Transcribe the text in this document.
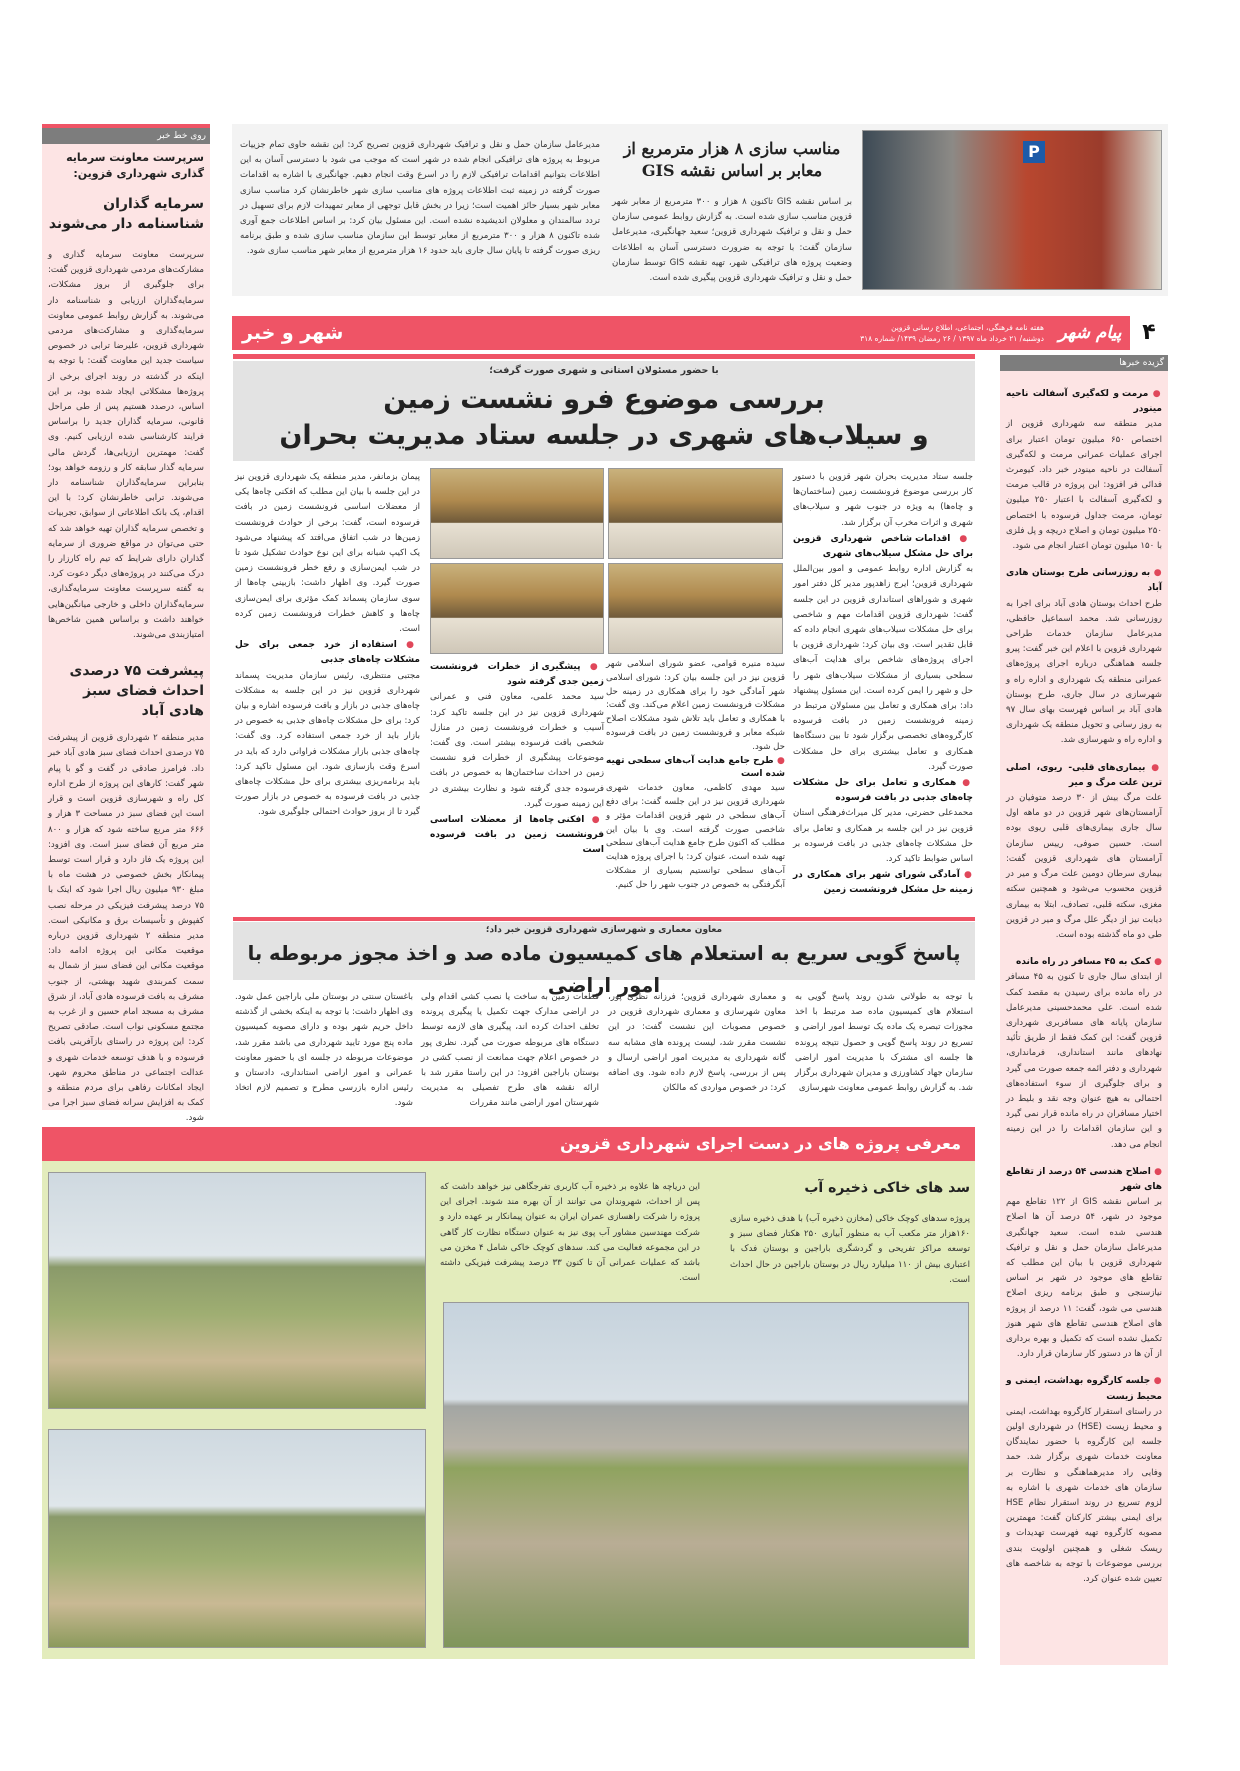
P
مناسب سازی ۸ هزار مترمربع از معابر بر اساس نقشه GIS
بر اساس نقشه GIS تاکنون ۸ هزار و ۳۰۰ مترمربع از معابر شهر قزوین مناسب سازی شده است. به گزارش روابط عمومی سازمان حمل و نقل و ترافیک شهرداری قزوین؛ سعید جهانگیری، مدیرعامل سازمان گفت: با توجه به ضرورت دسترسی آسان به اطلاعات وضعیت پروژه های ترافیکی شهر، تهیه نقشه GIS توسط سازمان حمل و نقل و ترافیک شهرداری قزوین پیگیری شده است.
مدیرعامل سازمان حمل و نقل و ترافیک شهرداری قزوین تصریح کرد: این نقشه حاوی تمام جزییات مربوط به پروژه های ترافیکی انجام شده در شهر است که موجب می شود با دسترسی آسان به این اطلاعات بتوانیم اقدامات ترافیکی لازم را در اسرع وقت انجام دهیم. جهانگیری با اشاره به اقدامات صورت گرفته در زمینه ثبت اطلاعات پروژه های مناسب سازی شهر خاطرنشان کرد مناسب سازی معابر شهر بسیار حائز اهمیت است؛ زیرا در بخش قابل توجهی از معابر تمهیدات لازم برای تسهیل در تردد سالمندان و معلولان اندیشیده نشده است. این مسئول بیان کرد: بر اساس اطلاعات جمع آوری شده تاکنون ۸ هزار و ۳۰۰ مترمربع از معابر توسط این سازمان مناسب سازی شده و طبق برنامه ریزی صورت گرفته تا پایان سال جاری باید حدود ۱۶ هزار مترمربع از معابر شهر مناسب سازی شود.
روی خط خبر
سرپرست معاونت سرمایه گذاری شهرداری قزوین:
سرمایه گذاران شناسنامه دار می‌شوند
سرپرست معاونت سرمایه گذاری و مشارکت‌های مردمی شهرداری قزوین گفت: برای جلوگیری از بروز مشکلات، سرمایه‌گذاران ارزیابی و شناسنامه دار می‌شوند. به گزارش روابط عمومی معاونت سرمایه‌گذاری و مشارکت‌های مردمی شهرداری قزوین، علیرضا ترابی در خصوص سیاست جدید این معاونت گفت: با توجه به اینکه در گذشته در روند اجرای برخی از پروژه‌ها مشکلاتی ایجاد شده بود، بر این اساس، درصدد هستیم پس از طی مراحل قانونی، سرمایه گذاران جدید را براساس فرایند کارشناسی شده ارزیابی کنیم. وی گفت: مهمترین ارزیابی‌ها، گردش مالی سرمایه گذار سابقه کار و رزومه خواهد بود؛ بنابراین سرمایه‌گذاران شناسنامه دار می‌شوند. ترابی خاطرنشان کرد: با این اقدام، یک بانک اطلاعاتی از سوابق، تجربیات و تخصص سرمایه گذاران تهیه خواهد شد که حتی می‌توان در مواقع ضروری از سرمایه گذاران دارای شرایط که تیم راه کارزار را درک می‌کنند در پروژه‌های دیگر دعوت کرد. به گفته سرپرست معاونت سرمایه‌گذاری، سرمایه‌گذاران داخلی و خارجی میانگین‌هایی خواهند داشت و براساس همین شاخص‌ها امتیازبندی می‌شوند.
پیشرفت ۷۵ درصدی احداث فضای سبز هادی آباد
مدیر منطقه ۲ شهرداری قزوین از پیشرفت ۷۵ درصدی احداث فضای سبز هادی آباد خبر داد. فرامرز صادقی در گفت و گو با پیام شهر گفت: کارهای این پروژه از طرح اداره کل راه و شهرسازی قزوین است و قرار است این فضای سبز در مساحت ۳ هزار و ۶۶۶ متر مربع ساخته شود که هزار و ۸۰۰ متر مربع آن فضای سبز است. وی افزود: این پروژه یک فاز دارد و قرار است توسط پیمانکار بخش خصوصی در هشت ماه با مبلغ ۹۳۰ میلیون ریال اجرا شود که اینک با ۷۵ درصد پیشرفت فیزیکی در مرحله نصب کفپوش و تأسیسات برق و مکانیکی است. مدیر منطقه ۲ شهرداری قزوین درباره موقعیت مکانی این پروژه ادامه داد: موقعیت مکانی این فضای سبز از شمال به سمت کمربندی شهید بهشتی، از جنوب مشرف به بافت فرسوده هادی آباد، از شرق مشرف به مسجد امام حسین و از غرب به مجتمع مسکونی نواب است. صادقی تصریح کرد: این پروژه در راستای بازآفرینی بافت فرسوده و با هدف توسعه خدمات شهری و عدالت اجتماعی در مناطق محروم شهر، ایجاد امکانات رفاهی برای مردم منطقه و کمک به افزایش سرانه فضای سبز اجرا می شود.
۴
پیام شهر
هفته نامه فرهنگی، اجتماعی، اطلاع رسانی قزوین
دوشنبه/ ۲۱ خرداد ماه ۱۳۹۷ / ۲۶ رمضان ۱۴۳۹/ شماره ۳۱۸
شهر و خبر
با حضور مسئولان استانی و شهری صورت گرفت؛
بررسی موضوع فرو نشست زمین
و سیلاب‌های شهری در جلسه ستاد مدیریت بحران

جلسه ستاد مدیریت بحران شهر قزوین با دستور کار بررسی موضوع فرونشست زمین (ساختمان‌ها و چاه‌ها) به ویژه در جنوب شهر و سیلاب‌های شهری و اثرات مخرب آن برگزار شد.

● اقدامات شاخص شهرداری قزوین برای حل مشکل سیلاب‌های شهری

به گزارش اداره روابط عمومی و امور بین‌الملل شهرداری قزوین؛ ایرج زاهدپور مدیر کل دفتر امور شهری و شوراهای استانداری قزوین در این جلسه گفت: شهرداری قزوین اقدامات مهم و شاخصی برای حل مشکلات سیلاب‌های شهری انجام داده که قابل تقدیر است. وی بیان کرد: شهرداری قزوین با اجرای پروژه‌های شاخص برای هدایت آب‌های سطحی بسیاری از مشکلات سیلاب‌های شهر را حل و شهر را ایمن کرده است. این مسئول پیشنهاد داد: برای همکاری و تعامل بین مسئولان مرتبط در زمینه فرونشست زمین در بافت فرسوده کارگروه‌های تخصصی برگزار شود تا بین دستگاه‌ها همکاری و تعامل بیشتری برای حل مشکلات صورت گیرد.

● همکاری و تعامل برای حل مشکلات چاه‌های جذبی در بافت فرسوده

محمدعلی حضرتی، مدیر کل میراث‌فرهنگی استان قزوین نیز در این جلسه بر همکاری و تعامل برای حل مشکلات چاه‌های جذبی در بافت فرسوده بر اساس ضوابط تاکید کرد.

● آمادگی شورای شهر برای همکاری در زمینه حل مشکل فرونشست زمین

سیده منیره قوامی، عضو شورای اسلامی شهر قزوین نیز در این جلسه بیان کرد: شورای اسلامی شهر آمادگی خود را برای همکاری در زمینه حل مشکلات فرونشست زمین اعلام می‌کند. وی گفت: با همکاری و تعامل باید تلاش شود مشکلات اصلاح شبکه معابر و فرونشست زمین در بافت فرسوده حل شود.

● طرح جامع هدایت آب‌های سطحی تهیه شده است

سید مهدی کاظمی، معاون خدمات شهری شهرداری قزوین نیز در این جلسه گفت: برای دفع آب‌های سطحی در شهر قزوین اقدامات مؤثر و شاخصی صورت گرفته است. وی با بیان این مطلب که اکنون طرح جامع هدایت آب‌های سطحی تهیه شده است، عنوان کرد: با اجرای پروژه هدایت آب‌های سطحی توانستیم بسیاری از مشکلات آبگرفتگی به خصوص در جنوب شهر را حل کنیم.

● پیشگیری از خطرات فرونشست زمین جدی گرفته شود

سید محمد علمی، معاون فنی و عمرانی شهرداری قزوین نیز در این جلسه تاکید کرد: آسیب و خطرات فرونشست زمین در منازل شخصی بافت فرسوده بیشتر است. وی گفت: موضوعات پیشگیری از خطرات فرو نشست زمین در احداث ساختمان‌ها به خصوص در بافت فرسوده جدی گرفته شود و نظارت بیشتری در این زمینه صورت گیرد.

● افکنی چاه‌ها از معضلات اساسی فرونشست زمین در بافت فرسوده است

پیمان بزمانفر، مدیر منطقه یک شهرداری قزوین نیز در این جلسه با بیان این مطلب که افکنی چاه‌ها یکی از معضلات اساسی فرونشست زمین در بافت فرسوده است، گفت: برخی از حوادث فرونشست زمین‌ها در شب اتفاق می‌افتد که پیشنهاد می‌شود یک اکیپ شبانه برای این نوع حوادث تشکیل شود تا در شب ایمن‌سازی و رفع خطر فرونشست زمین صورت گیرد. وی اظهار داشت: بازبینی چاه‌ها از سوی سازمان پسماند کمک مؤثری برای ایمن‌سازی چاه‌ها و کاهش خطرات فرونشست زمین کرده است.

● استفاده از خرد جمعی برای حل مشکلات چاه‌های جذبی

مجتبی منتظری، رئیس سازمان مدیریت پسماند شهرداری قزوین نیز در این جلسه به مشکلات چاه‌های جذبی در بازار و بافت فرسوده اشاره و بیان کرد: برای حل مشکلات چاه‌های جذبی به خصوص در بازار باید از خرد جمعی استفاده کرد. وی گفت: چاه‌های جذبی بازار مشکلات فراوانی دارد که باید در اسرع وقت بازسازی شود. این مسئول تاکید کرد: باید برنامه‌ریزی بیشتری برای حل مشکلات چاه‌های جذبی در بافت فرسوده به خصوص در بازار صورت گیرد تا از بروز حوادث احتمالی جلوگیری شود.

معاون معماری و شهرسازی شهرداری قزوین خبر داد؛
پاسخ گویی سریع به استعلام های کمیسیون ماده صد و اخذ مجوز مربوطه با امور اراضی	با توجه به طولانی شدن روند پاسخ گویی به استعلام های کمیسیون ماده صد مرتبط با اخذ مجوزات تبصره یک ماده یک توسط امور اراضی و تسریع در روند پاسخ گویی و حصول نتیجه پرونده ها جلسه ای مشترک با مدیریت امور اراضی سازمان جهاد کشاورزی و مدیران شهرداری برگزار شد. به گزارش روابط عمومی معاونت شهرسازی
و معماری شهرداری قزوین؛ فرزانه نظری پور، معاون شهرسازی و معماری شهرداری قزوین در خصوص مصوبات این نشست گفت: در این نشست مقرر شد، لیست پرونده های مشابه سه گانه شهرداری به مدیریت امور اراضی ارسال و پس از بررسی، پاسخ لازم داده شود. وی اضافه کرد: در خصوص مواردی که مالکان
قطعات زمین به ساخت یا نصب کشی اقدام ولی در اراضی مدارک جهت تکمیل یا پیگیری پرونده تخلف احداث کرده اند، پیگیری های لازمه توسط دستگاه های مربوطه صورت می گیرد. نظری پور در خصوص اعلام جهت ممانعت از نصب کشی در بوستان باراجین افزود: در این راستا مقرر شد با ارائه نقشه های طرح تفصیلی به مدیریت شهرستان امور اراضی مانند مقررات
باغستان سنتی در بوستان ملی باراجین عمل شود. وی اظهار داشت: با توجه به اینکه بخشی از گذشته داخل حریم شهر بوده و دارای مصوبه کمیسیون ماده پنج مورد تایید شهرداری می باشد مقرر شد، موضوعات مربوطه در جلسه ای با حضور معاونت عمرانی و امور اراضی استانداری، دادستان و رئیس اداره بازرسی مطرح و تصمیم لازم اتخاذ شود.
معرفی پروژه های در دست اجرای شهرداری قزوین
سد های خاکی ذخیره آب
پروژه سدهای کوچک خاکی (مخازن ذخیره آب) با هدف ذخیره سازی ۱۶۰هزار متر مکعب آب به منظور آبیاری ۲۵۰ هکتار فضای سبز و توسعه مراکز تفریحی و گردشگری باراجین و بوستان فدک با اعتباری بیش از ۱۱۰ میلیارد ریال در بوستان باراجین در حال احداث است.
این دریاچه ها علاوه بر ذخیره آب کاربری تفرجگاهی نیز خواهد داشت که پس از احداث، شهروندان می توانند از آن بهره مند شوند. اجرای این پروژه را شرکت راهسازی عمران ایران به عنوان پیمانکار بر عهده دارد و شرکت مهندسین مشاور آب پوی نیز به عنوان دستگاه نظارت کار گاهی در این مجموعه فعالیت می کند. سدهای کوچک خاکی شامل ۴ مخزن می باشد که عملیات عمرانی آن تا کنون ۳۳ درصد پیشرفت فیزیکی داشته است.
گزیده خبرها
● مرمت و لکه‌گیری آسفالت ناحیه مینودر

مدیر منطقه سه شهرداری قزوین از اختصاص ۶۵۰ میلیون تومان اعتبار برای اجرای عملیات عمرانی مرمت و لکه‌گیری آسفالت در ناحیه مینودر خبر داد. کیومرث فدائی فر افزود: این پروژه در قالب مرمت و لکه‌گیری آسفالت با اعتبار ۲۵۰ میلیون تومان، مرمت جداول فرسوده با اختصاص ۲۵۰ میلیون تومان و اصلاح دریچه و پل فلزی با ۱۵۰ میلیون تومان اعتبار انجام می شود.

● به روزرسانی طرح بوستان هادی آباد

طرح احداث بوستان هادی آباد برای اجرا به روزرسانی شد. محمد اسماعیل حافظی، مدیرعامل سازمان خدمات طراحی شهرداری قزوین با اعلام این خبر گفت: پیرو جلسه هماهنگی درباره اجرای پروژه‌های عمرانی منطقه یک شهرداری و اداره راه و شهرسازی در سال جاری، طرح بوستان هادی آباد بر اساس فهرست بهای سال ۹۷ به روز رسانی و تحویل منطقه یک شهرداری و اداره راه و شهرسازی شد.

● بیماری‌های قلبی- ریوی، اصلی ترین علت مرگ و میر

علت مرگ بیش از ۳۰ درصد متوفیان در آرامستان‌های شهر قزوین در دو ماهه اول سال جاری بیماری‌های قلبی ریوی بوده است. حسین صوفی، رییس سازمان آرامستان های شهرداری قزوین گفت: بیماری سرطان دومین علت مرگ و میر در قزوین محسوب می‌شود و همچنین سکته مغزی، سکته قلبی، تصادف، ابتلا به بیماری دیابت نیز از دیگر علل مرگ و میر در قزوین طی دو ماه گذشته بوده است.

● کمک به ۴۵ مسافر در راه مانده

از ابتدای سال جاری تا کنون به ۴۵ مسافر در راه مانده برای رسیدن به مقصد کمک شده است. علی محمدحسینی مدیرعامل سازمان پایانه های مسافربری شهرداری قزوین گفت: این کمک فقط از طریق تأئید نهادهای مانند استانداری، فرمانداری، شهرداری و دفتر ائمه جمعه صورت می گیرد و برای جلوگیری از سوء استفاده‌های احتمالی به هیچ عنوان وجه نقد و بلیط در اختیار مسافران در راه مانده قرار نمی گیرد و این سازمان اقدامات را در این زمینه انجام می دهد.

● اصلاح هندسی ۵۴ درصد از تقاطع های شهر

بر اساس نقشه GIS از ۱۲۲ تقاطع مهم موجود در شهر، ۵۴ درصد آن ها اصلاح هندسی شده است. سعید جهانگیری مدیرعامل سازمان حمل و نقل و ترافیک شهرداری قزوین با بیان این مطلب که تقاطع های موجود در شهر بر اساس نیازسنجی و طبق برنامه ریزی اصلاح هندسی می شود، گفت: ۱۱ درصد از پروژه های اصلاح هندسی تقاطع های شهر هنوز تکمیل نشده است که تکمیل و بهره برداری از آن ها در دستور کار سازمان قرار دارد.

● جلسه کارگروه بهداشت، ایمنی و محیط زیست

در راستای استقرار کارگروه بهداشت، ایمنی و محیط زیست (HSE) در شهرداری اولین جلسه این کارگروه با حضور نمایندگان معاونت خدمات شهری برگزار شد. حمد وفایی راد مدیرهماهنگی و نظارت بر سازمان های خدمات شهری با اشاره به لزوم تسریع در روند استقرار نظام HSE برای ایمنی بیشتر کارکنان گفت: مهمترین مصوبه کارگروه تهیه فهرست تهدیدات و ریسک شغلی و همچنین اولویت بندی بررسی موضوعات با توجه به شاخصه های تعیین شده عنوان کرد.
